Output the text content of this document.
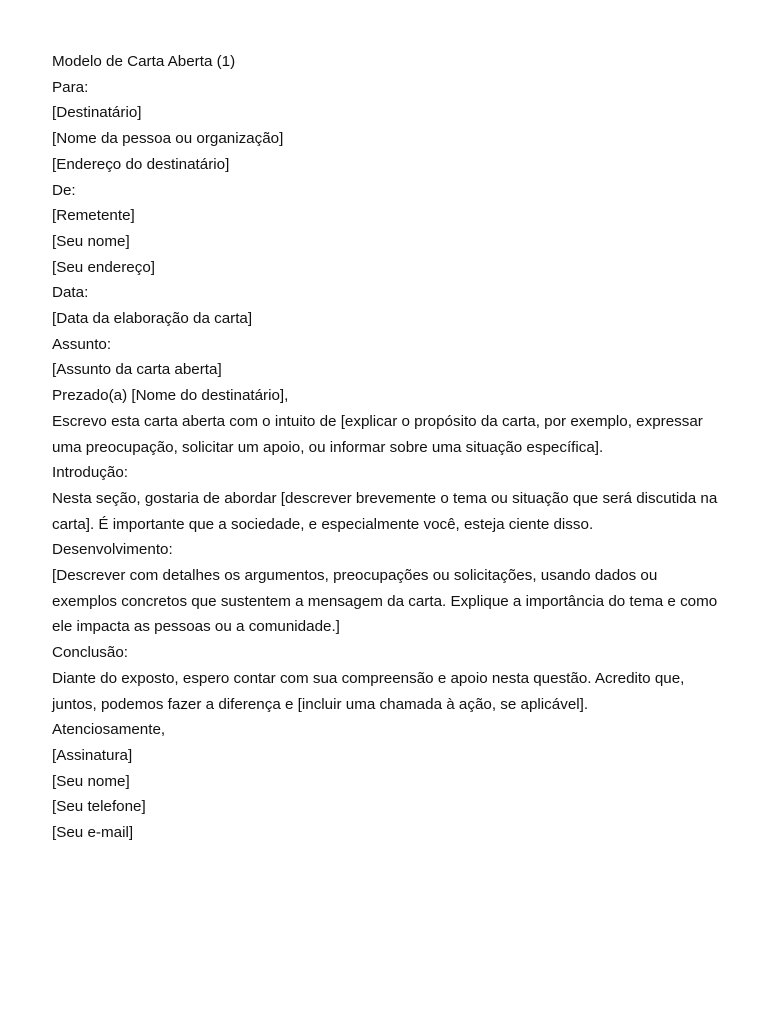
Modelo de Carta Aberta (1)
Para:
[Destinatário]
[Nome da pessoa ou organização]
[Endereço do destinatário]
De:
[Remetente]
[Seu nome]
[Seu endereço]
Data:
[Data da elaboração da carta]
Assunto:
[Assunto da carta aberta]
Prezado(a) [Nome do destinatário],
Escrevo esta carta aberta com o intuito de [explicar o propósito da carta, por exemplo, expressar uma preocupação, solicitar um apoio, ou informar sobre uma situação específica].
Introdução:
Nesta seção, gostaria de abordar [descrever brevemente o tema ou situação que será discutida na carta]. É importante que a sociedade, e especialmente você, esteja ciente disso.
Desenvolvimento:
[Descrever com detalhes os argumentos, preocupações ou solicitações, usando dados ou exemplos concretos que sustentem a mensagem da carta. Explique a importância do tema e como ele impacta as pessoas ou a comunidade.]
Conclusão:
Diante do exposto, espero contar com sua compreensão e apoio nesta questão. Acredito que, juntos, podemos fazer a diferença e [incluir uma chamada à ação, se aplicável].
Atenciosamente,
[Assinatura]
[Seu nome]
[Seu telefone]
[Seu e-mail]
